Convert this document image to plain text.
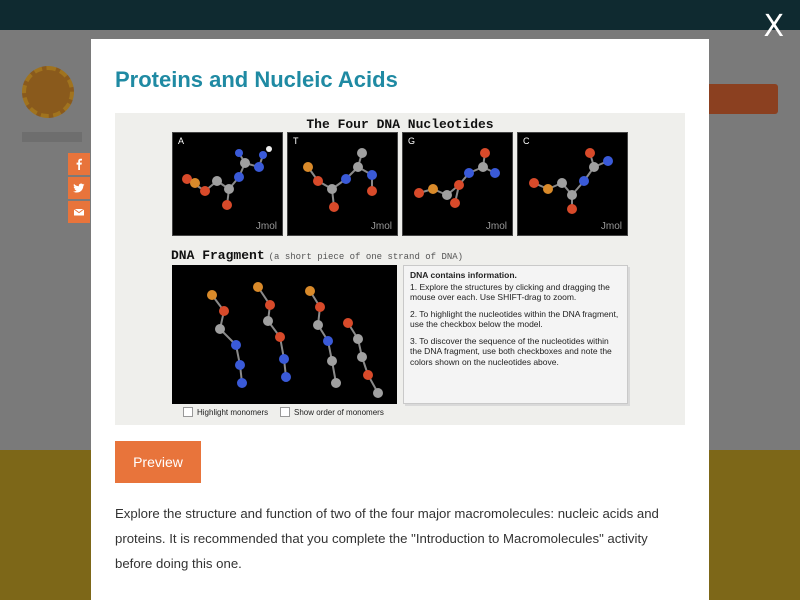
X
Proteins and Nucleic Acids
The Four DNA Nucleotides
A
Jmol
T
Jmol
G
Jmol
C
Jmol
DNA Fragment (a short piece of one strand of DNA)
DNA contains information.

1. Explore the structures by clicking and dragging the mouse over each. Use SHIFT-drag to zoom.

2. To highlight the nucleotides within the DNA fragment, use the checkbox below the model.

3. To discover the sequence of the nucleotides within the DNA fragment, use both checkboxes and note the colors shown on the nucleotides above.

Highlight monomers	Show order of monomers
Preview

Explore the structure and function of two of the four major macromolecules: nucleic acids and proteins. It is recommended that you complete the "Introduction to Macromolecules" activity before doing this one.
